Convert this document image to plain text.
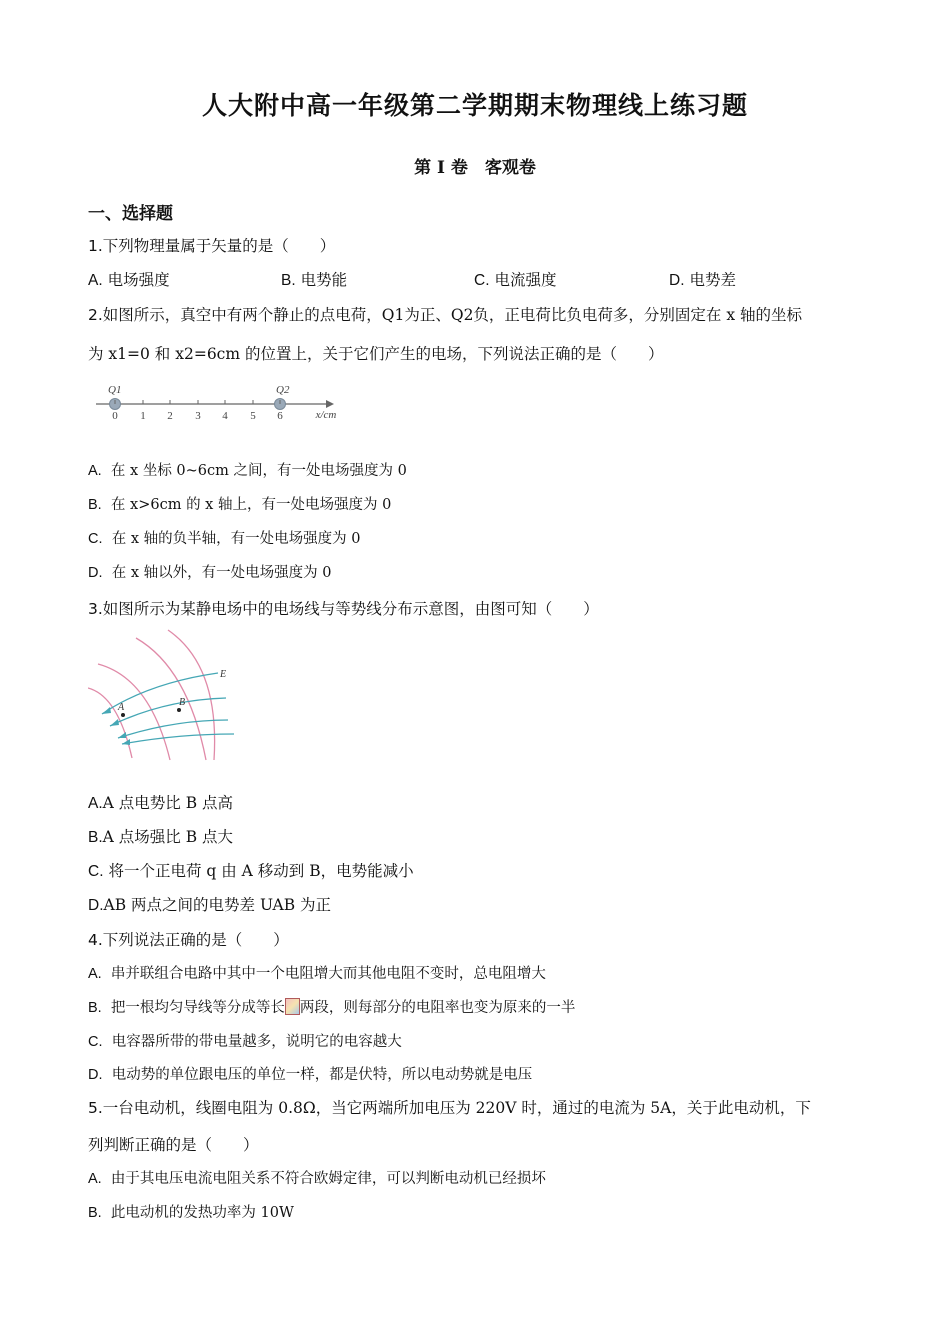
人大附中高一年级第二学期期末物理线上练习题
第 I 卷　客观卷
一、选择题
1.下列物理量属于矢量的是（　　）
A. 电场强度	B. 电势能	C. 电流强度	D. 电势差
2.如图所示，真空中有两个静止的点电荷，Q1为正、Q2负，正电荷比负电荷多，分别固定在 x 轴的坐标
为 x1=0 和 x2=6cm 的位置上，关于它们产生的电场，下列说法正确的是（　　）
Q1	Q2
0 1 2 3 4 5 6	x/cm
A. 在 x 坐标 0~6cm 之间，有一处电场强度为 0
B. 在 x>6cm 的 x 轴上，有一处电场强度为 0
C. 在 x 轴的负半轴，有一处电场强度为 0
D. 在 x 轴以外，有一处电场强度为 0
3.如图所示为某静电场中的电场线与等势线分布示意图，由图可知（　　）
A	B
E
A.A 点电势比 B 点高
B.A 点场强比 B 点大
C. 将一个正电荷 q 由 A 移动到 B，电势能减小
D.AB 两点之间的电势差 UAB 为正
4.下列说法正确的是（　　）
A. 串并联组合电路中其中一个电阻增大而其他电阻不变时，总电阻增大
B. 把一根均匀导线等分成等长 两段，则每部分的电阻率也变为原来的一半
C. 电容器所带的带电量越多，说明它的电容越大
D. 电动势的单位跟电压的单位一样，都是伏特，所以电动势就是电压
5.一台电动机，线圈电阻为 0.8Ω，当它两端所加电压为 220V 时，通过的电流为 5A，关于此电动机，下
列判断正确的是（　　）
A. 由于其电压电流电阻关系不符合欧姆定律，可以判断电动机已经损坏
B. 此电动机的发热功率为 10W
